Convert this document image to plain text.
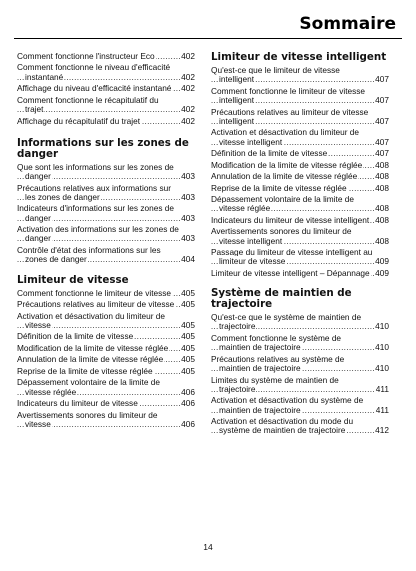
Sommaire
Comment fonctionne l'instructeur Eco .....	402
Comment fonctionne le niveau d'efficacité instantané .....	402
Affichage du niveau d'efficacité instantané .....	402
Comment fonctionne le récapitulatif du trajet .....	402
Affichage du récapitulatif du trajet .....	402
Informations sur les zones de danger
Que sont les informations sur les zones de danger .....	403
Précautions relatives aux informations sur les zones de danger .....	403
Indicateurs d'informations sur les zones de danger .....	403
Activation des informations sur les zones de danger .....	403
Contrôle d'état des informations sur les zones de danger .....	404
Limiteur de vitesse
Comment fonctionne le limiteur de vitesse .....	405
Précautions relatives au limiteur de vitesse ..... 405
Activation et désactivation du limiteur de vitesse .....	405
Définition de la limite de vitesse .....	405
Modification de la limite de vitesse réglée .....	405
Annulation de la limite de vitesse réglée .....	405
Reprise de la limite de vitesse réglée .....	405
Dépassement volontaire de la limite de vitesse réglée .....	406
Indicateurs du limiteur de vitesse .....	406
Avertissements sonores du limiteur de vitesse .....	406
Limiteur de vitesse intelligent
Qu'est-ce que le limiteur de vitesse intelligent .....	407
Comment fonctionne le limiteur de vitesse intelligent .....	407
Précautions relatives au limiteur de vitesse intelligent .....	407
Activation et désactivation du limiteur de vitesse intelligent .....	407
Définition de la limite de vitesse .....	407
Modification de la limite de vitesse réglée .....	408
Annulation de la limite de vitesse réglée .....	408
Reprise de la limite de vitesse réglée .....	408
Dépassement volontaire de la limite de vitesse réglée .....	408
Indicateurs du limiteur de vitesse intelligent ..... 408
Avertissements sonores du limiteur de vitesse intelligent .....	408
Passage du limiteur de vitesse intelligent au limiteur de vitesse .....	409
Limiteur de vitesse intelligent – Dépannage ..... 409
Système de maintien de trajectoire
Qu'est-ce que le système de maintien de trajectoire .....	410
Comment fonctionne le système de maintien de trajectoire .....	410
Précautions relatives au système de maintien de trajectoire .....	410
Limites du système de maintien de trajectoire .....	411
Activation et désactivation du système de maintien de trajectoire .....	411
Activation et désactivation du mode du système de maintien de trajectoire .....	412
14
